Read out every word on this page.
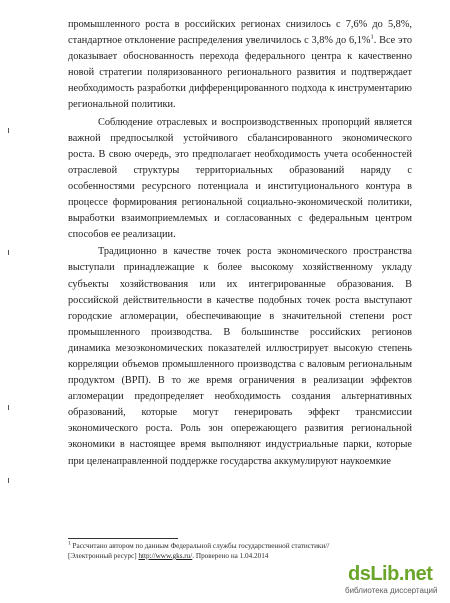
промышленного роста в российских регионах снизилось с 7,6% до 5,8%, стандартное отклонение распределения увеличилось с 3,8% до 6,1%$^1$. Все это доказывает обоснованность перехода федерального центра к качественно новой стратегии поляризованного регионального развития и подтверждает необходимость разработки дифференцированного подхода к инструментарию региональной политики.

Соблюдение отраслевых и воспроизводственных пропорций является важной предпосылкой устойчивого сбалансированного экономического роста. В свою очередь, это предполагает необходимость учета особенностей отраслевой структуры территориальных образований наряду с особенностями ресурсного потенциала и институционального контура в процессе формирования региональной социально-экономической политики, выработки взаимоприемлемых и согласованных с федеральным центром способов ее реализации.

Традиционно в качестве точек роста экономического пространства выступали принадлежащие к более высокому хозяйственному укладу субъекты хозяйствования или их интегрированные образования. В российской действительности в качестве подобных точек роста выступают городские агломерации, обеспечивающие в значительной степени рост промышленного производства. В большинстве российских регионов динамика мезоэкономических показателей иллюстрирует высокую степень корреляции объемов промышленного производства с валовым региональным продуктом (ВРП). В то же время ограничения в реализации эффектов агломерации предопределяет необходимость создания альтернативных образований, которые могут генерировать эффект трансмиссии экономического роста. Роль зон опережающего развития региональной экономики в настоящее время выполняют индустриальные парки, которые при целенаправленной поддержке государства аккумулируют наукоемкие

$^1$ Рассчитано автором по данным Федеральной службы государственной статистики// [Электронный ресурс] http://www.gks.ru/. Проверено на 1.04.2014
dsLib.net
библиотека диссертаций
